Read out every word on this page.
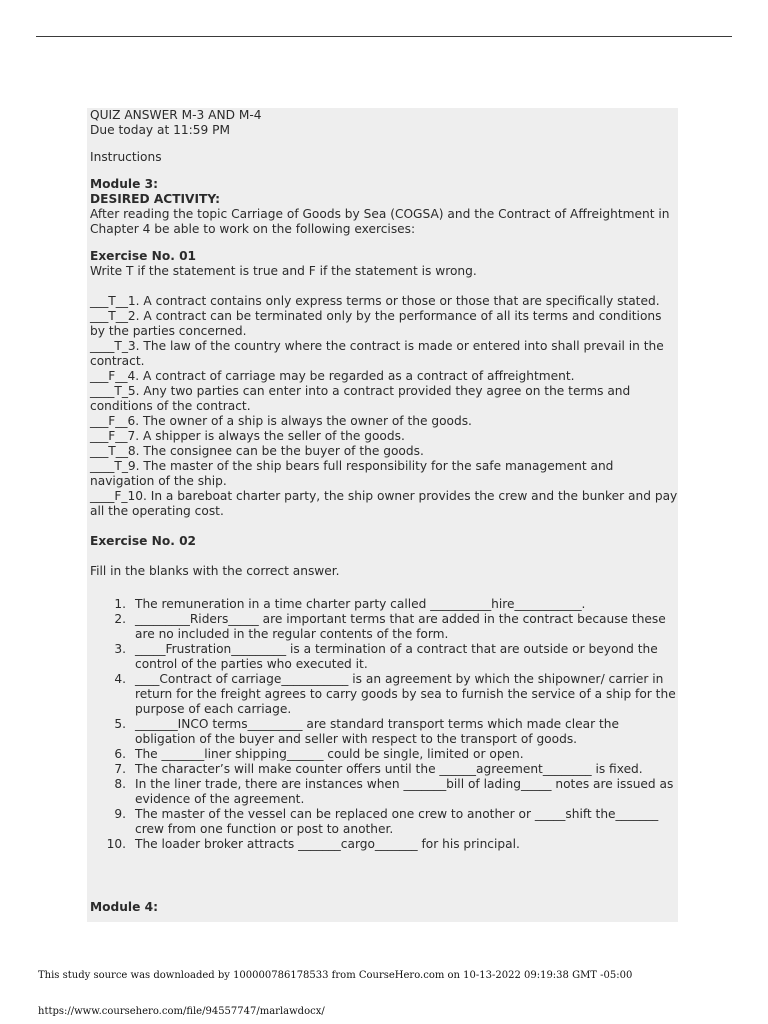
QUIZ ANSWER M-3 AND M-4

Due today at 11:59 PM

Instructions

Module 3:

DESIRED ACTIVITY:

After reading the topic Carriage of Goods by Sea (COGSA) and the Contract of Affreightment in Chapter 4 be able to work on the following exercises:

Exercise No. 01

Write T if the statement is true and F if the statement is wrong.

___T__1. A contract contains only express terms or those or those that are specifically stated.
___T__2. A contract can be terminated only by the performance of all its terms and conditions by the parties concerned.
____T_3. The law of the country where the contract is made or entered into shall prevail in the contract.
___F__4. A contract of carriage may be regarded as a contract of affreightment.
____T_5. Any two parties can enter into a contract provided they agree on the terms and conditions of the contract.
___F__6. The owner of a ship is always the owner of the goods.
___F__7. A shipper is always the seller of the goods.
___T__8. The consignee can be the buyer of the goods.
____T_9. The master of the ship bears full responsibility for the safe management and navigation of the ship.
____F_10. In a bareboat charter party, the ship owner provides the crew and the bunker and pay all the operating cost.

Exercise No. 02

Fill in the blanks with the correct answer.

1. The remuneration in a time charter party called __________hire___________.
2. _________Riders_____ are important terms that are added in the contract because these are no included in the regular contents of the form.
3. _____Frustration_________ is a termination of a contract that are outside or beyond the control of the parties who executed it.
4. ____Contract of carriage___________ is an agreement by which the shipowner/ carrier in return for the freight agrees to carry goods by sea to furnish the service of a ship for the purpose of each carriage.
5. _______INCO terms_________ are standard transport terms which made clear the obligation of the buyer and seller with respect to the transport of goods.
6. The _______liner shipping______ could be single, limited or open.
7. The character’s will make counter offers until the ______agreement________ is fixed.
8. In the liner trade, there are instances when _______bill of lading_____ notes are issued as evidence of the agreement.
9. The master of the vessel can be replaced one crew to another or _____shift the_______ crew from one function or post to another.
10. The loader broker attracts _______cargo_______ for his principal.

Module 4:

This study source was downloaded by 100000786178533 from CourseHero.com on 10-13-2022 09:19:38 GMT -05:00
https://www.coursehero.com/file/94557747/marlawdocx/
